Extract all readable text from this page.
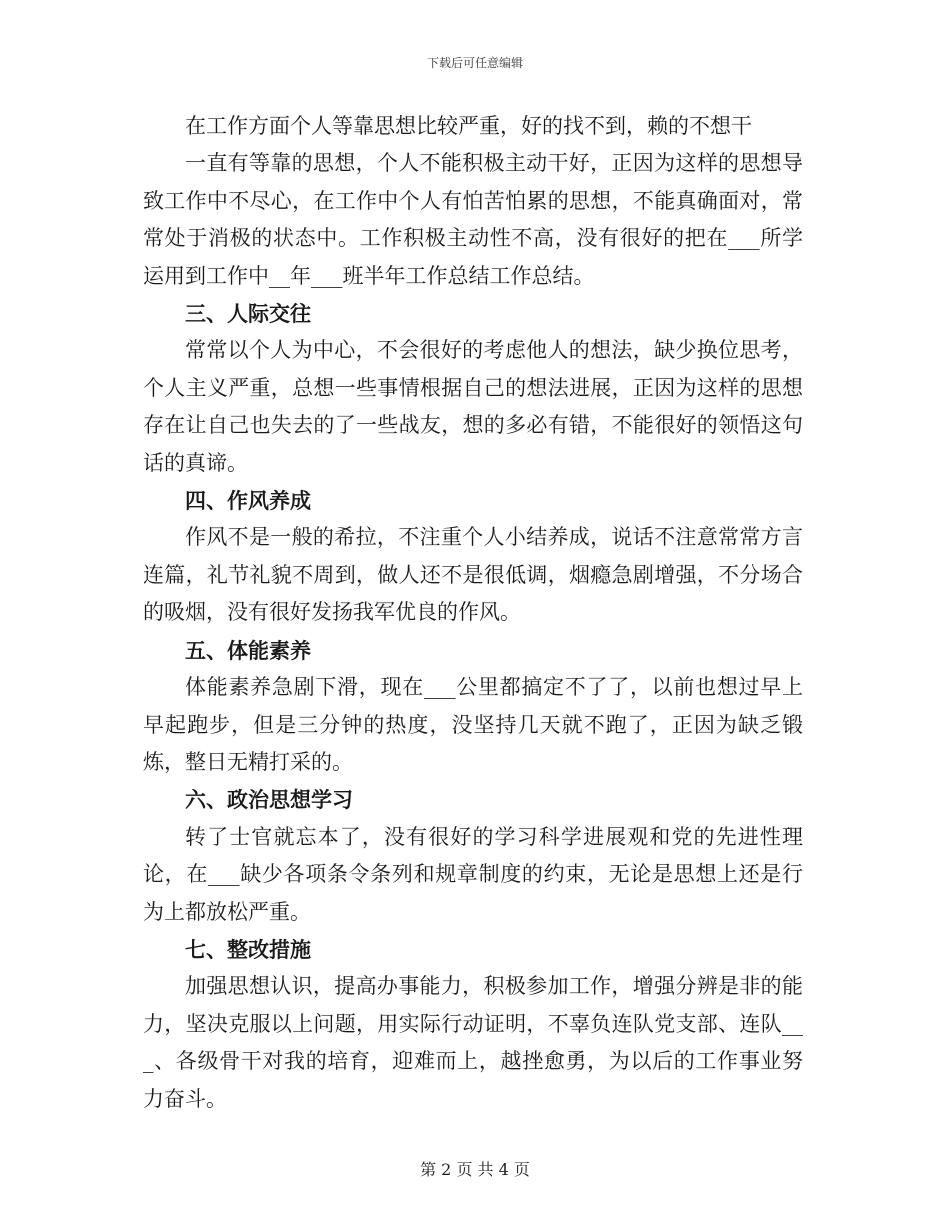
下载后可任意编辑

在工作方面个人等靠思想比较严重，好的找不到，赖的不想干

一直有等靠的思想，个人不能积极主动干好，正因为这样的思想导致工作中不尽心，在工作中个人有怕苦怕累的思想，不能真确面对，常常处于消极的状态中。工作积极主动性不高，没有很好的把在___所学运用到工作中__年___班半年工作总结工作总结。

三、人际交往

常常以个人为中心，不会很好的考虑他人的想法，缺少换位思考，个人主义严重，总想一些事情根据自己的想法进展，正因为这样的思想存在让自己也失去的了一些战友，想的多必有错，不能很好的领悟这句话的真谛。

四、作风养成

作风不是一般的希拉，不注重个人小结养成，说话不注意常常方言连篇，礼节礼貌不周到，做人还不是很低调，烟瘾急剧增强，不分场合的吸烟，没有很好发扬我军优良的作风。

五、体能素养

体能素养急剧下滑，现在___公里都搞定不了了，以前也想过早上早起跑步，但是三分钟的热度，没坚持几天就不跑了，正因为缺乏锻炼，整日无精打采的。

六、政治思想学习

转了士官就忘本了，没有很好的学习科学进展观和党的先进性理论，在___缺少各项条令条列和规章制度的约束，无论是思想上还是行为上都放松严重。

七、整改措施

加强思想认识，提高办事能力，积极参加工作，增强分辨是非的能力，坚决克服以上问题，用实际行动证明，不辜负连队党支部、连队___、各级骨干对我的培育，迎难而上，越挫愈勇，为以后的工作事业努力奋斗。

第 2 页 共 4 页
